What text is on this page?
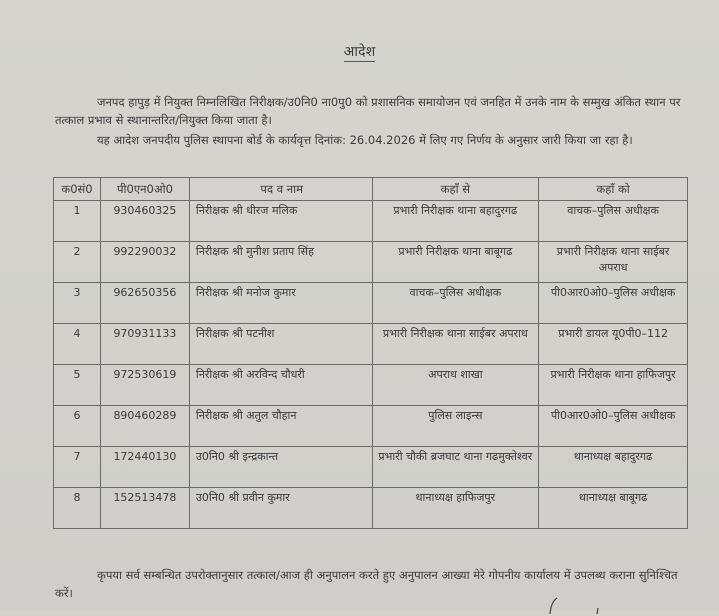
आदेश
जनपद हापुड़ में नियुक्त निम्नलिखित निरीक्षक/उ0नि0 ना0पु0 को प्रशासनिक समायोजन एवं जनहित में उनके नाम के सम्मुख अंकित स्थान पर तत्काल प्रभाव से स्थानान्तरित/नियुक्त किया जाता है।
यह आदेश जनपदीय पुलिस स्थापना बोर्ड के कार्यवृत्त दिनांक: 26.04.2026 में लिए गए निर्णय के अनुसार जारी किया जा रहा है।
क0सं0	पी0एन0ओ0	पद व नाम	कहाँ से	कहाँ को
1	930460325	निरीक्षक श्री धीरज मलिक	प्रभारी निरीक्षक थाना बहादुरगढ	वाचक–पुलिस अधीक्षक
2	992290032	निरीक्षक श्री मुनीश प्रताप सिंह	प्रभारी निरीक्षक थाना बाबूगढ	प्रभारी निरीक्षक थाना साईबर अपराध
3	962650356	निरीक्षक श्री मनोज कुमार	वाचक–पुलिस अधीक्षक	पी0आर0ओ0–पुलिस अधीक्षक
4	970931133	निरीक्षक श्री पटनीश	प्रभारी निरीक्षक थाना साईबर अपराध	प्रभारी डायल यू0पी0–112
5	972530619	निरीक्षक श्री अरविन्द चौधरी	अपराध शाखा	प्रभारी निरीक्षक थाना हाफिजपुर
6	890460289	निरीक्षक श्री अतुल चौहान	पुलिस लाइन्स	पी0आर0ओ0–पुलिस अधीक्षक
7	172440130	उ0नि0 श्री इन्द्रकान्त	प्रभारी चौकी ब्रजघाट थाना गढमुक्तेश्वर	थानाध्यक्ष बहादुरगढ
8	152513478	उ0नि0 श्री प्रवीन कुमार	थानाध्यक्ष हाफिजपुर	थानाध्यक्ष बाबूगढ
कृपया सर्व सम्बन्धित उपरोक्तानुसार तत्काल/आज ही अनुपालन करते हुए अनुपालन आख्या मेरे गोपनीय कार्यालय में उपलब्ध कराना सुनिश्चित करें।
